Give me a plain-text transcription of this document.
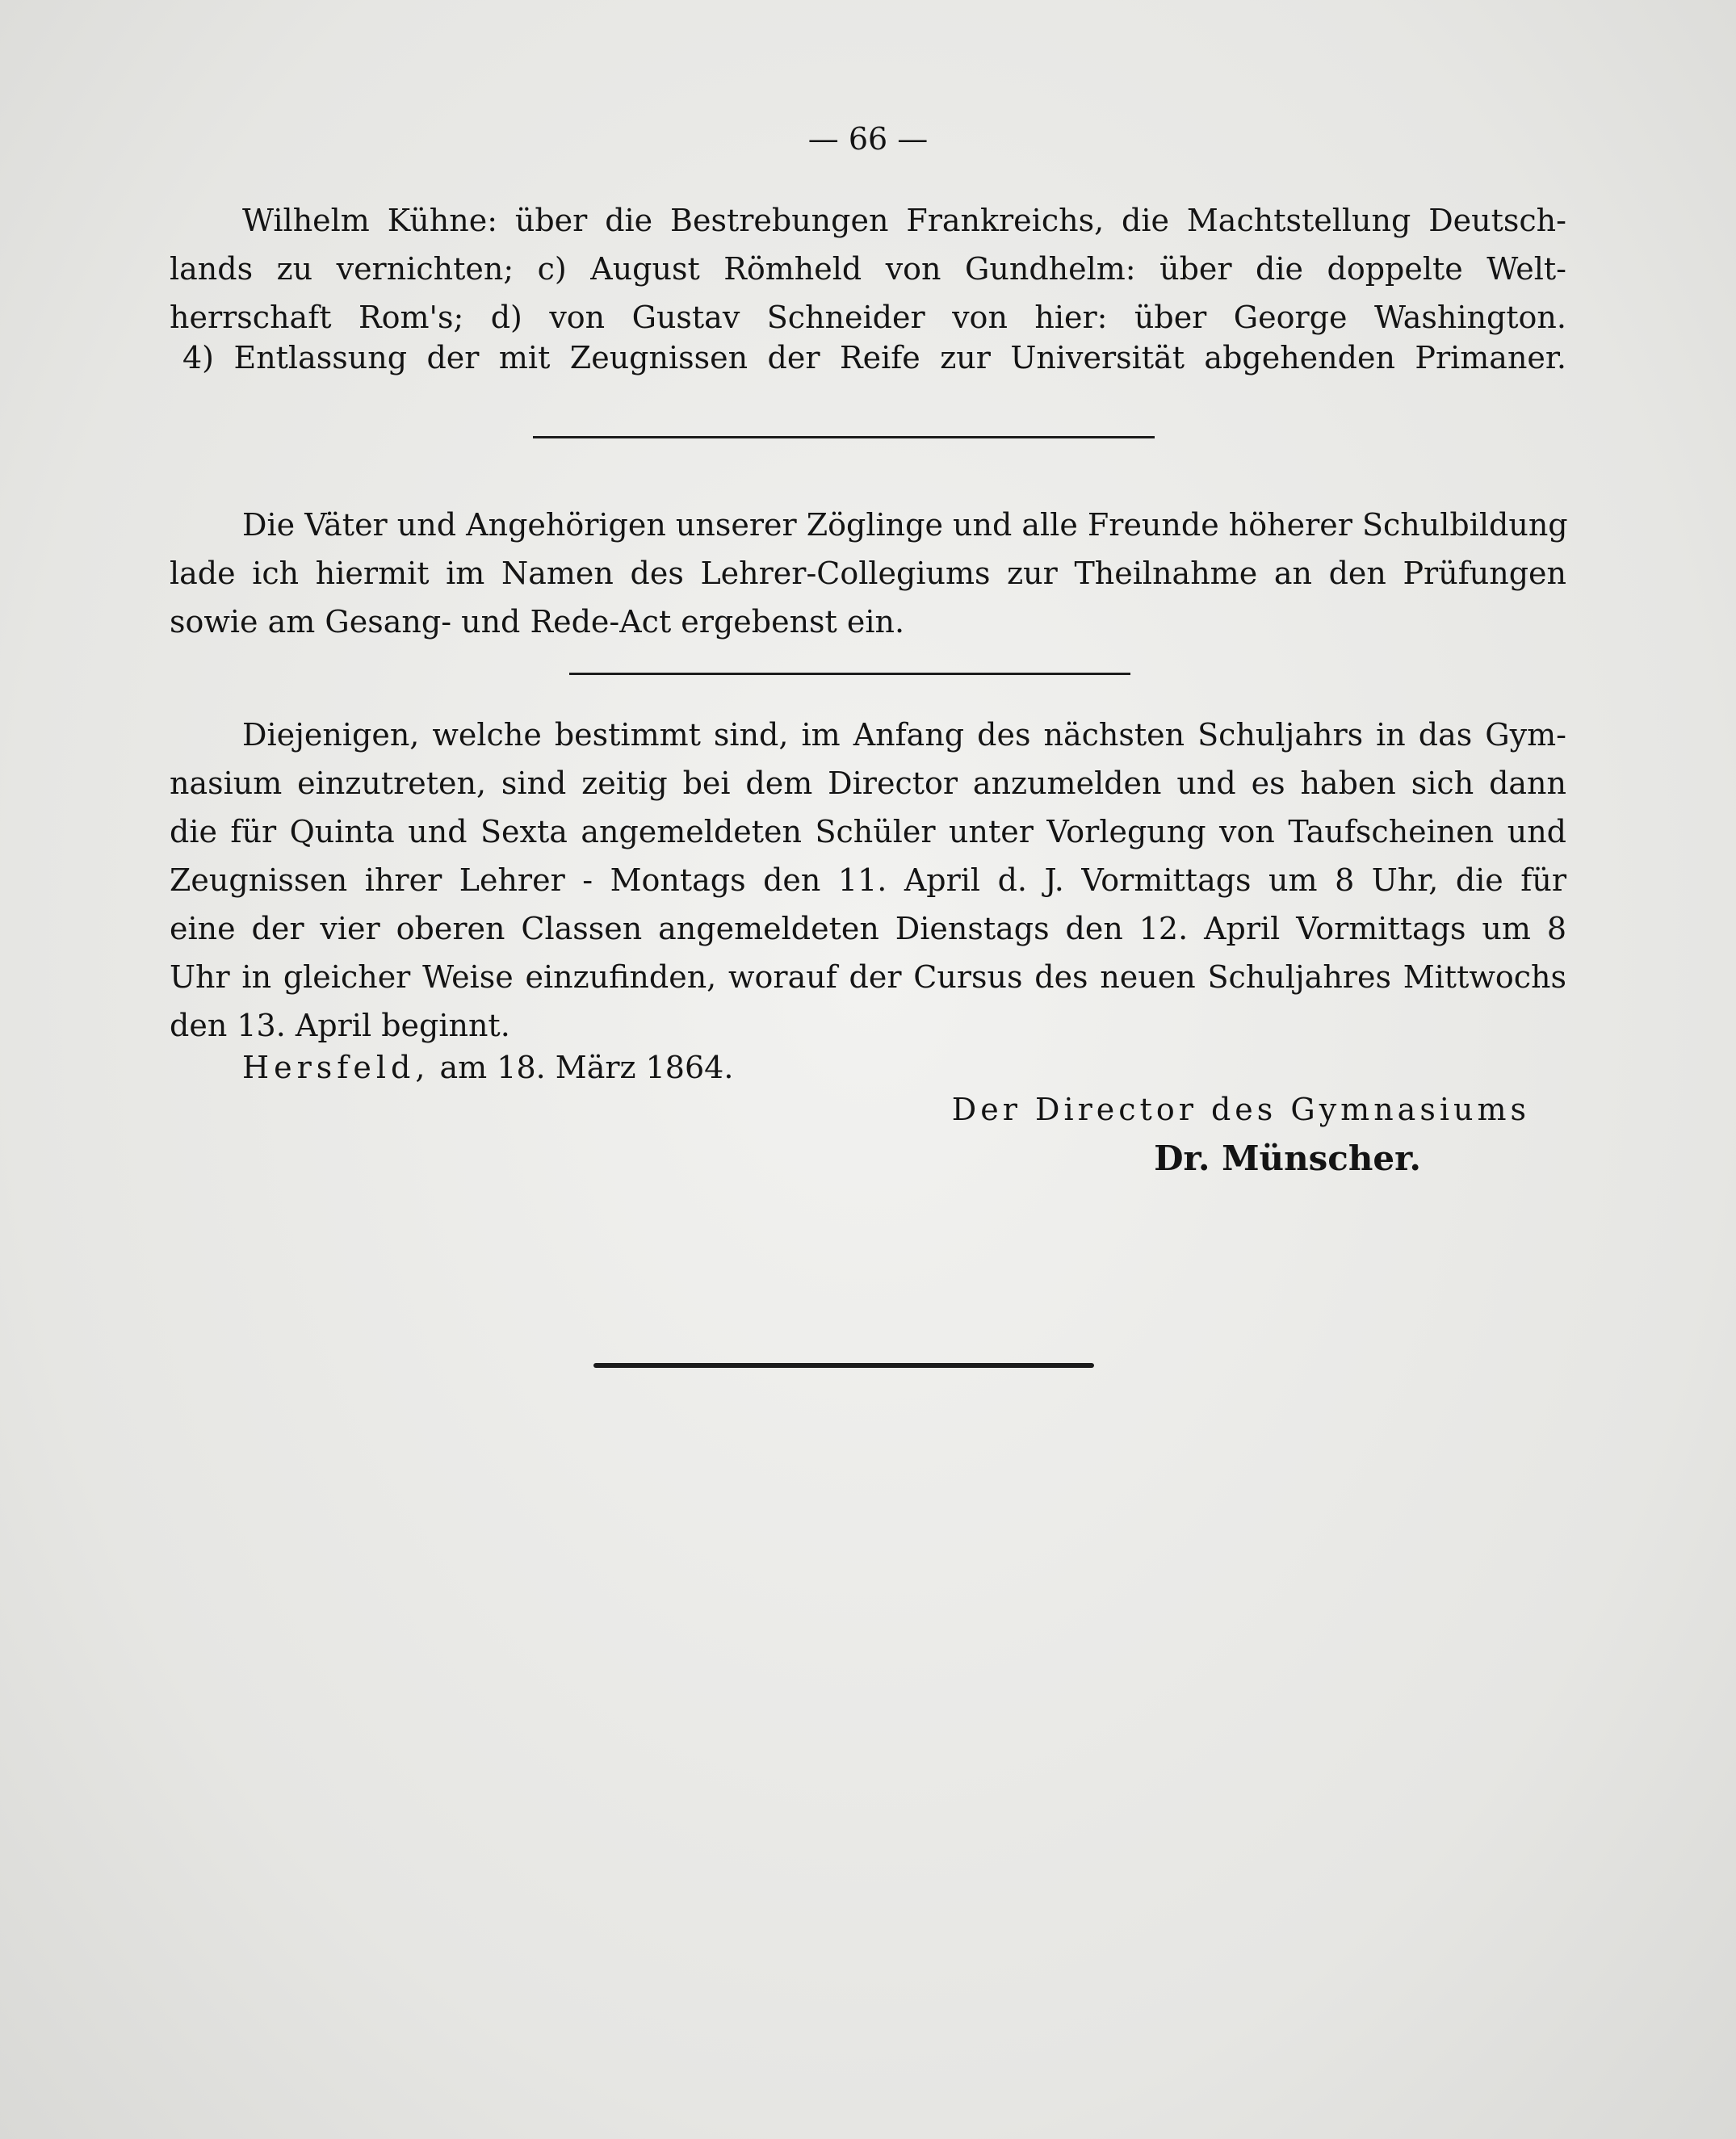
— 66 —
Wilhelm Kühne: über die Bestrebungen Frankreichs, die Machtstellung Deutsch-
lands zu vernichten; c) August Römheld von Gundhelm: über die doppelte Welt-
herrschaft Rom's; d) von Gustav Schneider von hier: über George Washington.
4) Entlassung der mit Zeugnissen der Reife zur Universität abgehenden Primaner.
Die Väter und Angehörigen unserer Zöglinge und alle Freunde höherer Schulbildung
lade ich hiermit im Namen des Lehrer-Collegiums zur Theilnahme an den Prüfungen
sowie am Gesang- und Rede-Act ergebenst ein.
Diejenigen, welche bestimmt sind, im Anfang des nächsten Schuljahrs in das Gym-
nasium einzutreten, sind zeitig bei dem Director anzumelden und es haben sich dann
die für Quinta und Sexta angemeldeten Schüler unter Vorlegung von Taufscheinen und
Zeugnissen ihrer Lehrer - Montags den 11. April d. J. Vormittags um 8 Uhr, die für
eine der vier oberen Classen angemeldeten Dienstags den 12. April Vormittags um 8
Uhr in gleicher Weise einzufinden, worauf der Cursus des neuen Schuljahres Mittwochs
den 13. April beginnt.
Hersfeld, am 18. März 1864.
Der Director des Gymnasiums
Dr. Münscher.
